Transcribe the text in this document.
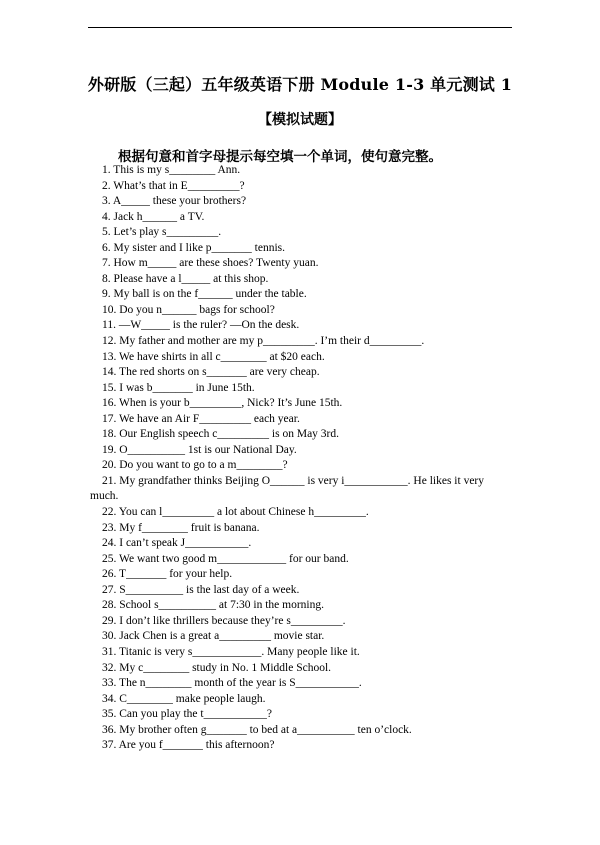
外研版（三起）五年级英语下册 Module 1-3 单元测试 1
【模拟试题】
根据句意和首字母提示每空填一个单词，使句意完整。
1. This is my s________ Ann.
2. What’s that in E_________?
3. A_____ these your brothers?
4. Jack h______ a TV.
5. Let’s play s_________.
6. My sister and I like p_______ tennis.
7. How m_____ are these shoes? Twenty yuan.
8. Please have a l_____ at this shop.
9. My ball is on the f______ under the table.
10. Do you n______ bags for school?
11. —W_____ is the ruler? —On the desk.
12. My father and mother are my p_________. I’m their d_________.
13. We have shirts in all c________ at $20 each.
14. The red shorts on s_______ are very cheap.
15. I was b_______ in June 15th.
16. When is your b_________, Nick? It’s June 15th.
17. We have an Air F_________ each year.
18. Our English speech c_________ is on May 3rd.
19. O__________ 1st is our National Day.
20. Do you want to go to a m________?
21. My grandfather thinks Beijing O______ is very i___________. He likes it very much.
22. You can l_________ a lot about Chinese h_________.
23. My f________ fruit is banana.
24. I can’t speak J___________.
25. We want two good m____________ for our band.
26. T_______ for your help.
27. S__________ is the last day of a week.
28. School s__________ at 7:30 in the morning.
29. I don’t like thrillers because they’re s_________.
30. Jack Chen is a great a_________ movie star.
31. Titanic is very s____________. Many people like it.
32. My c________ study in No. 1 Middle School.
33. The n________ month of the year is S___________.
34. C________ make people laugh.
35. Can you play the t___________?
36. My brother often g_______ to bed at a__________ ten o’clock.
37. Are you f_______ this afternoon?
